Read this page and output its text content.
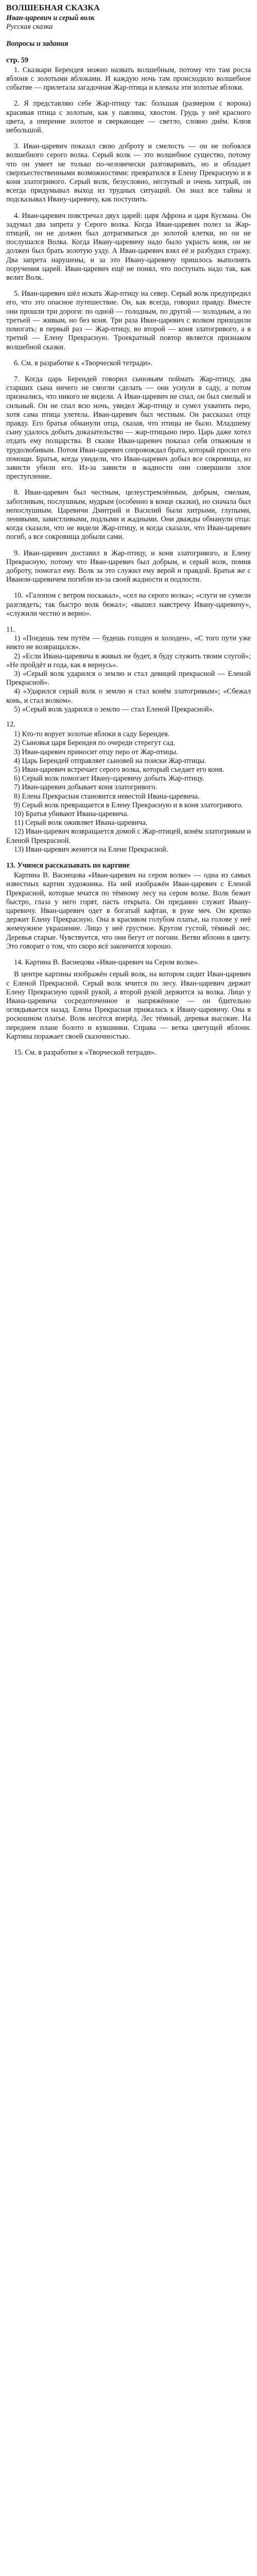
ВОЛШЕБНАЯ СКАЗКА
Иван-царевич и серый волк
Русская сказка
Вопросы и задания
стр. 59

1. Сказкари Берендея можно назвать волшебным, потому что там росла яблоня с золотыми яблоками. И каждую ночь там происходило волшебное событие — прилетала загадочная Жар-птица и клевала эти золотые яблоки.

2. Я представляю себе Жар-птицу так: большая (размером с ворона) красивая птица с золотым, как у павлина, хвостом. Грудь у неё красного цвета, а оперение золотое и сверкающее — светло, словно днём. Клюв небольшой.

3. Иван-царевич показал свою доброту и смелость — он не побоялся волшебного серого волка. Серый волк — это волшебное существо, потому что он умеет не только по-человечески разговаривать, но и обладает сверхъестественными возможностями: превратился в Елену Прекрасную и в коня златогривого. Серый волк, безусловно, неглупый и очень хитрый, он всегда придумывал выход из трудных ситуаций. Он знал все тайны и подсказывал Ивану-царевичу, как поступить.

4. Иван-царевич повстречал двух царей: царя Афрона и царя Кусмана. Он задумал два запрета у Серого волка. Когда Иван-царевич полез за Жар-птицей, он не должен был дотрагиваться до золотой клетки, но он не послушался Волка. Когда Ивану-царевичу надо было украсть коня, он не должен был брать золотую узду. А Иван-царевич взял её и разбудил стражу. Два запрета нарушены, и за это Ивану-царевичу пришлось выполнять поручения царей. Иван-царевич ещё не понял, что поступать надо так, как велит Волк.

5. Иван-царевич шёл искать Жар-птицу на север. Серый волк предупредил его, что это опасное путешествие. Он, как всегда, говорил правду. Вместе они прошли три дороги: по одной — голодным, по другой — холодным, а по третьей — живым, но без коня. Три раза Иван-царевич с волком приходили помогать: в первый раз — Жар-птицу, во второй — коня златогривого, а в третий — Елену Прекрасную. Троекратный повтор является признаком волшебной сказки.

6. См. в разработке к «Творческой тетради».

7. Когда царь Берендей говорил сыновьям поймать Жар-птицу, два старших сына ничего не смогли сделать — они уснули в саду, а потом признались, что никого не видели. А Иван-царевич не спал, он был смелый и сильный. Он не спал всю ночь, увидел Жар-птицу и сумел ухватить перо, хотя сама птица улетела. Иван-царевич был честным. Он рассказал отцу правду. Его братья обманули отца, сказав, что птицы не было. Младшему сыну удалось добыть доказательство — жар-птицыно перо. Царь даже хотел отдать ему полцарства. В сказке Иван-царевич показал себя отважным и трудолюбивым. Потом Иван-царевич сопровождал брата, который просил его помощи. Братья, когда увидели, что Иван-царевич добыл все сокровища, из зависти убили его. Из-за зависти и жадности они совершили злое преступление.

8. Иван-царевич был честным, целеустремлённым, добрым, смелым, заботливым, послушным, мудрым (особенно в конце сказки), но сначала был непослушным. Царевичи Дмитрий и Василий были хитрыми, глупыми, ленивыми, завистливыми, подлыми и жадными. Они дважды обманули отца: когда сказали, что не видели Жар-птицу, и когда сказали, что Иван-царевич погиб, а все сокровища добыли сами.

9. Иван-царевич доставил в Жар-птицу, и коня златогривого, и Елену Прекрасную, потому что Иван-царевич был добрым, и серый волк, помня доброту, помогал ему. Волк за это служил ему верой и правдой. Братья же с Иваном-царевичем погибли из-за своей жадности и подлости.

10. «Галопом с ветром поскакал», «сел на серого волка»; «слуги не сумели разглядеть; так быстро волк бежал»; «вышел навстречу Ивану-царевичу», «служили честно и верно».

11.

1) «Поедешь тем путём — будешь голоден и холоден», «С того пути уже никто не возвращался».

2) «Если Ивана-царевича в живых не будет, я буду служить твоим слугой»; «Не пройдёт и года, как я вернусь».

3) «Серый волк ударился о землю и стал девицей прекрасной — Еленой Прекрасной».

4) «Ударился серый волк о землю и стал конём златогривым»; «Сбежал конь, и стал волком».

5) «Серый волк ударился о землю — стал Еленой Прекрасной».

12.

1) Кто-то ворует золотые яблоки в саду Берендея.

2) Сыновья царя Берендея по очереди стерегут сад.

3) Иван-царевич приносит отцу перо от Жар-птицы.

4) Царь Берендей отправляет сыновей на поиски Жар-птицы.

5) Иван-царевич встречает серого волка, который съедает его коня.

6) Серый волк помогает Ивану-царевичу добыть Жар-птицу.

7) Иван-царевич добывает коня златогривого.

8) Елена Прекрасная становится невестой Ивана-царевича.

9) Серый волк превращается в Елену Прекрасную и в коня златогривого.

10) Братья убивают Ивана-царевича.

11) Серый волк оживляет Ивана-царевича.

12) Иван-царевич возвращается домой с Жар-птицей, конём златогривым и Еленой Прекрасной.

13) Иван-царевич женится на Елене Прекрасной.

13. Учимся рассказывать по картине

Картина В. Васнецова «Иван-царевич на сером волке» — одна из самых известных картин художника. На ней изображён Иван-царевич с Еленой Прекрасной, которые мчатся по тёмному лесу на сером волке. Волк бежит быстро, глаза у него горят, пасть открыта. Он преданно служит Ивану-царевичу. Иван-царевич одет в богатый кафтан, в руке меч. Он крепко держит Елену Прекрасную. Она в красивом голубом платье, на голове у неё жемчужное украшение. Лицо у неё грустное. Кругом густой, тёмный лес. Деревья старые. Чувствуется, что они бегут от погони. Ветви яблони в цвету. Это говорит о том, что скоро всё закончится хорошо.

14. Картина В. Васнецова «Иван-царевич на Сером волке».

В центре картины изображён серый волк, на котором сидит Иван-царевич с Еленой Прекрасной. Серый волк мчится по лесу. Иван-царевич держит Елену Прекрасную одной рукой, а второй рукой держится за волка. Лицо у Ивана-царевича сосредоточенное и напряжённое — он бдительно оглядывается назад. Елена Прекрасная прижалась к Ивану-царевичу. Она в роскошном платье. Волк несётся вперёд. Лес тёмный, деревья высокие. На переднем плане болото и кувшинки. Справа — ветка цветущей яблони. Картина поражает своей сказочностью.

15. См. в разработке к «Творческой тетради».
